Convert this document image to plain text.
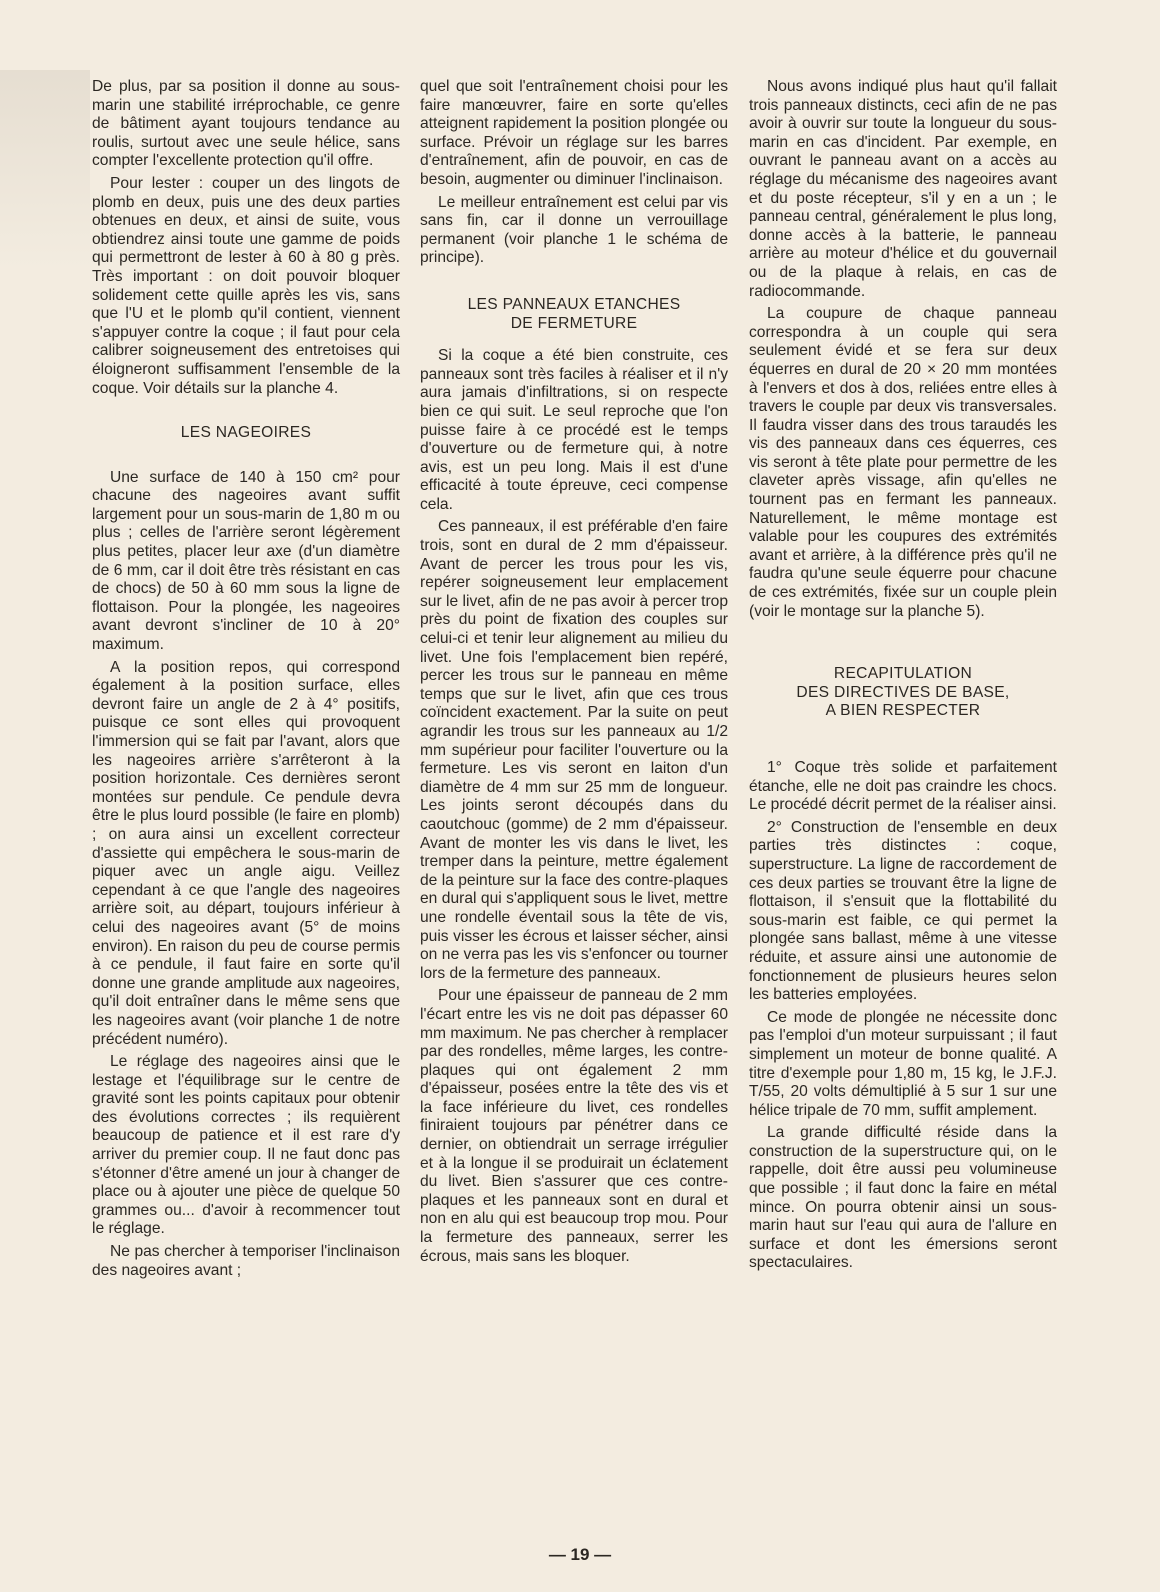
De plus, par sa position il donne au sous-marin une stabilité irréprochable, ce genre de bâtiment ayant toujours tendance au roulis, surtout avec une seule hélice, sans compter l'excellente protection qu'il offre.

Pour lester : couper un des lingots de plomb en deux, puis une des deux parties obtenues en deux, et ainsi de suite, vous obtiendrez ainsi toute une gamme de poids qui permettront de lester à 60 à 80 g près. Très important : on doit pouvoir bloquer solidement cette quille après les vis, sans que l'U et le plomb qu'il contient, viennent s'appuyer contre la coque ; il faut pour cela calibrer soigneusement des entretoises qui éloigneront suffisamment l'ensemble de la coque. Voir détails sur la planche 4.

LES NAGEOIRES

Une surface de 140 à 150 cm² pour chacune des nageoires avant suffit largement pour un sous-marin de 1,80 m ou plus ; celles de l'arrière seront légèrement plus petites, placer leur axe (d'un diamètre de 6 mm, car il doit être très résistant en cas de chocs) de 50 à 60 mm sous la ligne de flottaison. Pour la plongée, les nageoires avant devront s'incliner de 10 à 20° maximum.

A la position repos, qui correspond également à la position surface, elles devront faire un angle de 2 à 4° positifs, puisque ce sont elles qui provoquent l'immersion qui se fait par l'avant, alors que les nageoires arrière s'arrêteront à la position horizontale. Ces dernières seront montées sur pendule. Ce pendule devra être le plus lourd possible (le faire en plomb) ; on aura ainsi un excellent correcteur d'assiette qui empêchera le sous-marin de piquer avec un angle aigu. Veillez cependant à ce que l'angle des nageoires arrière soit, au départ, toujours inférieur à celui des nageoires avant (5° de moins environ). En raison du peu de course permis à ce pendule, il faut faire en sorte qu'il donne une grande amplitude aux nageoires, qu'il doit entraîner dans le même sens que les nageoires avant (voir planche 1 de notre précédent numéro).

Le réglage des nageoires ainsi que le lestage et l'équilibrage sur le centre de gravité sont les points capitaux pour obtenir des évolutions correctes ; ils requièrent beaucoup de patience et il est rare d'y arriver du premier coup. Il ne faut donc pas s'étonner d'être amené un jour à changer de place ou à ajouter une pièce de quelque 50 grammes ou... d'avoir à recommencer tout le réglage.

Ne pas chercher à temporiser l'inclinaison des nageoires avant ;

quel que soit l'entraînement choisi pour les faire manœuvrer, faire en sorte qu'elles atteignent rapidement la position plongée ou surface. Prévoir un réglage sur les barres d'entraînement, afin de pouvoir, en cas de besoin, augmenter ou diminuer l'inclinaison.

Le meilleur entraînement est celui par vis sans fin, car il donne un verrouillage permanent (voir planche 1 le schéma de principe).

LES PANNEAUX ETANCHES
DE FERMETURE

Si la coque a été bien construite, ces panneaux sont très faciles à réaliser et il n'y aura jamais d'infiltrations, si on respecte bien ce qui suit. Le seul reproche que l'on puisse faire à ce procédé est le temps d'ouverture ou de fermeture qui, à notre avis, est un peu long. Mais il est d'une efficacité à toute épreuve, ceci compense cela.

Ces panneaux, il est préférable d'en faire trois, sont en dural de 2 mm d'épaisseur. Avant de percer les trous pour les vis, repérer soigneusement leur emplacement sur le livet, afin de ne pas avoir à percer trop près du point de fixation des couples sur celui-ci et tenir leur alignement au milieu du livet. Une fois l'emplacement bien repéré, percer les trous sur le panneau en même temps que sur le livet, afin que ces trous coïncident exactement. Par la suite on peut agrandir les trous sur les panneaux au 1/2 mm supérieur pour faciliter l'ouverture ou la fermeture. Les vis seront en laiton d'un diamètre de 4 mm sur 25 mm de longueur. Les joints seront découpés dans du caoutchouc (gomme) de 2 mm d'épaisseur. Avant de monter les vis dans le livet, les tremper dans la peinture, mettre également de la peinture sur la face des contre-plaques en dural qui s'appliquent sous le livet, mettre une rondelle éventail sous la tête de vis, puis visser les écrous et laisser sécher, ainsi on ne verra pas les vis s'enfoncer ou tourner lors de la fermeture des panneaux.

Pour une épaisseur de panneau de 2 mm l'écart entre les vis ne doit pas dépasser 60 mm maximum. Ne pas chercher à remplacer par des rondelles, même larges, les contre-plaques qui ont également 2 mm d'épaisseur, posées entre la tête des vis et la face inférieure du livet, ces rondelles finiraient toujours par pénétrer dans ce dernier, on obtiendrait un serrage irrégulier et à la longue il se produirait un éclatement du livet. Bien s'assurer que ces contre-plaques et les panneaux sont en dural et non en alu qui est beaucoup trop mou. Pour la fermeture des panneaux, serrer les écrous, mais sans les bloquer.

Nous avons indiqué plus haut qu'il fallait trois panneaux distincts, ceci afin de ne pas avoir à ouvrir sur toute la longueur du sous-marin en cas d'incident. Par exemple, en ouvrant le panneau avant on a accès au réglage du mécanisme des nageoires avant et du poste récepteur, s'il y en a un ; le panneau central, généralement le plus long, donne accès à la batterie, le panneau arrière au moteur d'hélice et du gouvernail ou de la plaque à relais, en cas de radiocommande.

La coupure de chaque panneau correspondra à un couple qui sera seulement évidé et se fera sur deux équerres en dural de 20 × 20 mm montées à l'envers et dos à dos, reliées entre elles à travers le couple par deux vis transversales. Il faudra visser dans des trous taraudés les vis des panneaux dans ces équerres, ces vis seront à tête plate pour permettre de les claveter après vissage, afin qu'elles ne tournent pas en fermant les panneaux. Naturellement, le même montage est valable pour les coupures des extrémités avant et arrière, à la différence près qu'il ne faudra qu'une seule équerre pour chacune de ces extrémités, fixée sur un couple plein (voir le montage sur la planche 5).

RECAPITULATION
DES DIRECTIVES DE BASE,
A BIEN RESPECTER

1° Coque très solide et parfaitement étanche, elle ne doit pas craindre les chocs. Le procédé décrit permet de la réaliser ainsi.

2° Construction de l'ensemble en deux parties très distinctes : coque, superstructure. La ligne de raccordement de ces deux parties se trouvant être la ligne de flottaison, il s'ensuit que la flottabilité du sous-marin est faible, ce qui permet la plongée sans ballast, même à une vitesse réduite, et assure ainsi une autonomie de fonctionnement de plusieurs heures selon les batteries employées.

Ce mode de plongée ne nécessite donc pas l'emploi d'un moteur surpuissant ; il faut simplement un moteur de bonne qualité. A titre d'exemple pour 1,80 m, 15 kg, le J.F.J. T/55, 20 volts démultiplié à 5 sur 1 sur une hélice tripale de 70 mm, suffit amplement.

La grande difficulté réside dans la construction de la superstructure qui, on le rappelle, doit être aussi peu volumineuse que possible ; il faut donc la faire en métal mince. On pourra obtenir ainsi un sous-marin haut sur l'eau qui aura de l'allure en surface et dont les émersions seront spectaculaires.

— 19 —
